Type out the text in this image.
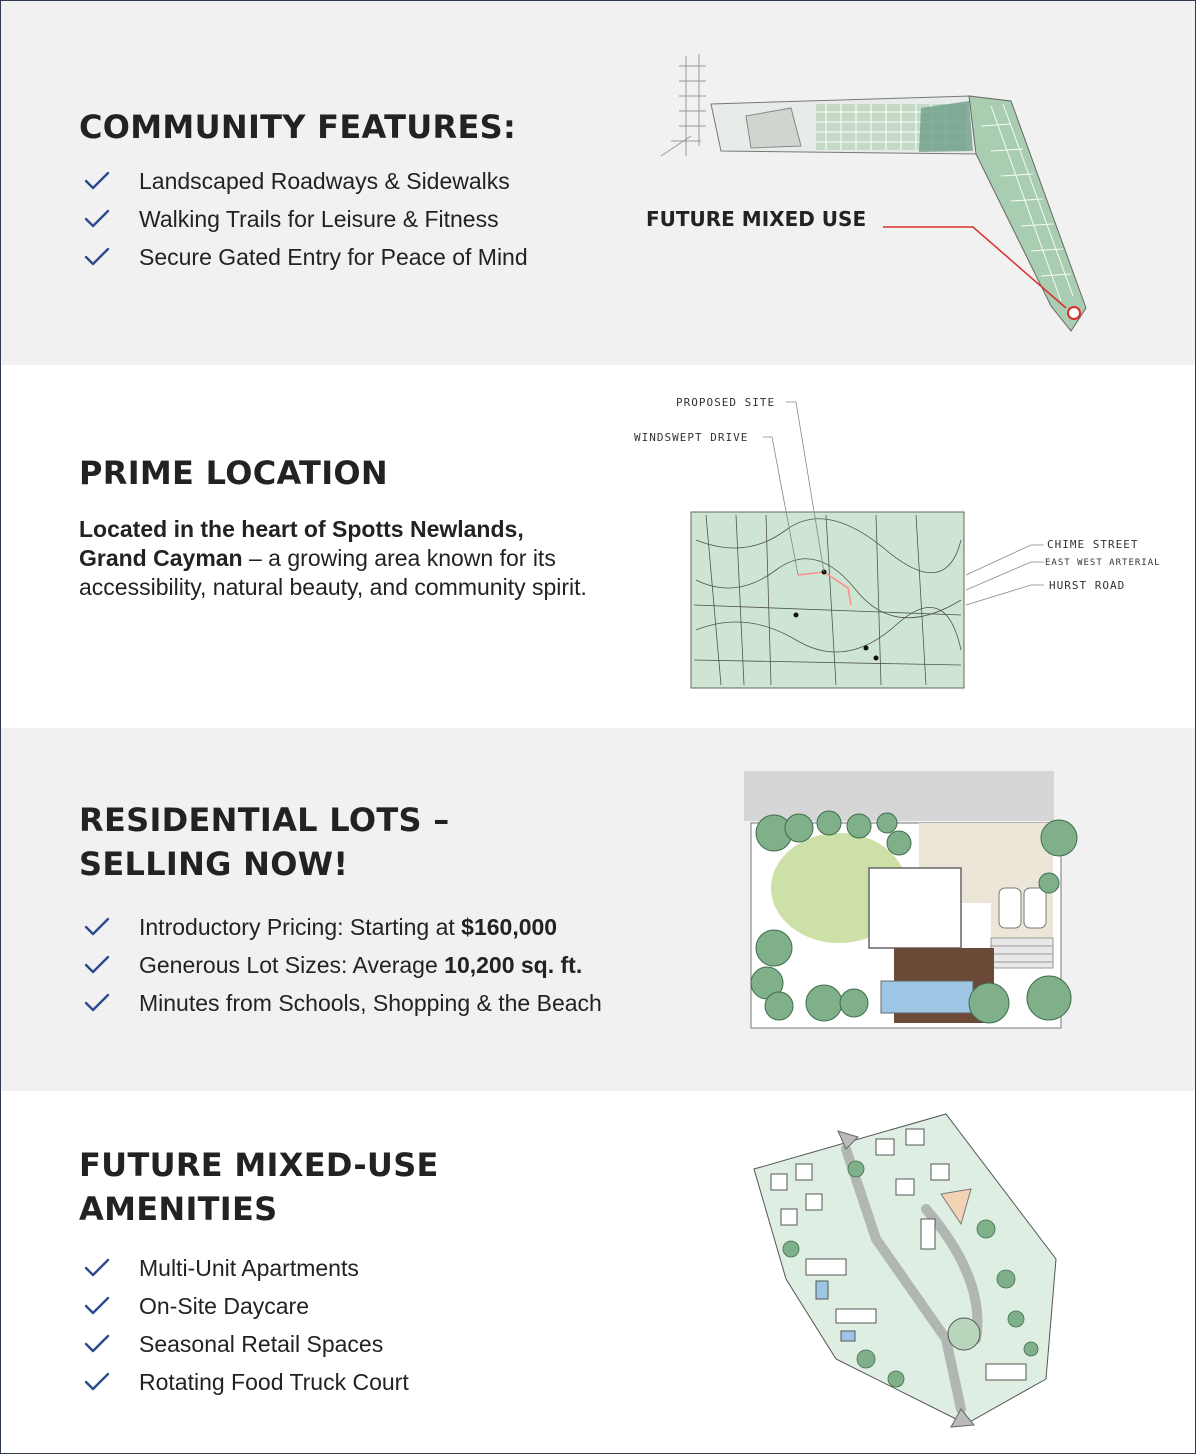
COMMUNITY FEATURES:
Landscaped Roadways & Sidewalks
Walking Trails for Leisure & Fitness
Secure Gated Entry for Peace of Mind
FUTURE MIXED USE
PRIME LOCATION

Located in the heart of Spotts Newlands,
Grand Cayman – a growing area known for its accessibility, natural beauty, and community spirit.

PROPOSED SITE
WINDSWEPT DRIVE
CHIME STREET
EAST WEST ARTERIAL
HURST ROAD
RESIDENTIAL LOTS –
SELLING NOW!
Introductory Pricing: Starting at $160,000
Generous Lot Sizes: Average 10,200 sq. ft.
Minutes from Schools, Shopping & the Beach
FUTURE MIXED-USE
AMENITIES
Multi-Unit Apartments
On-Site Daycare
Seasonal Retail Spaces
Rotating Food Truck Court
